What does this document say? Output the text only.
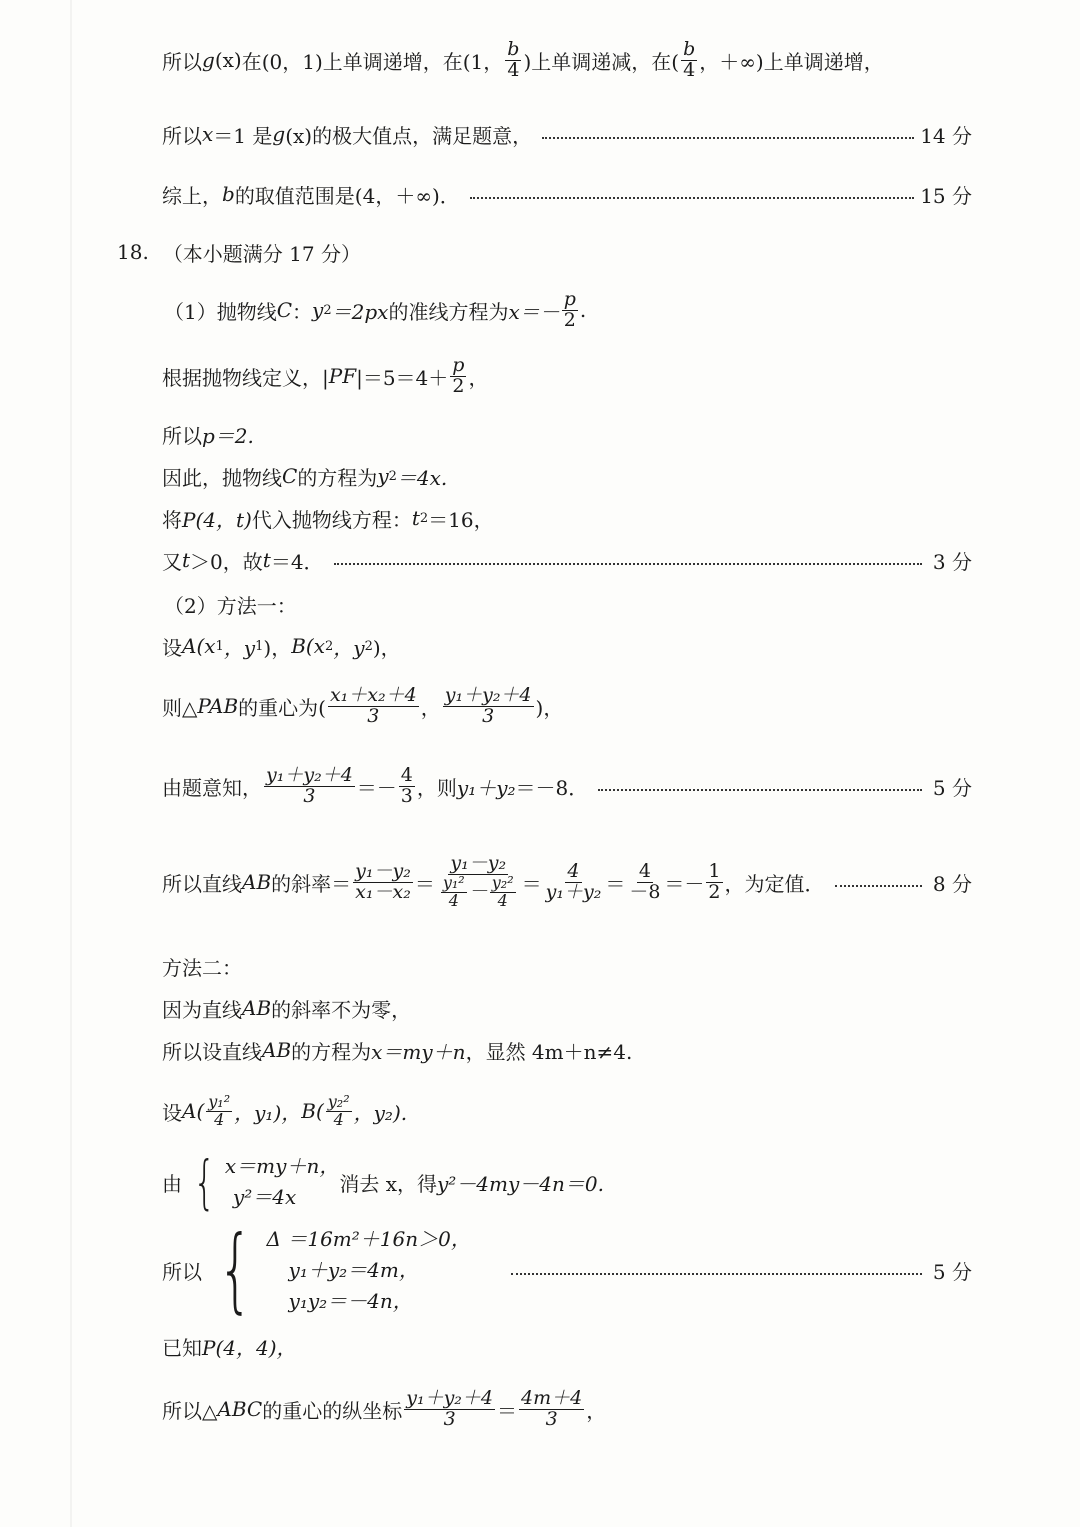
所以 g (x) 在(0，1)上单调递增，在(1， $\frac{b}{4}$ )上单调递减，在( $\frac{b}{4}$ ，＋∞)上单调递增，
所以 x ＝1 是 g (x)的极大值点，满足题意，	14 分
综上， b 的取值范围是(4，＋∞)．	15 分
18. （本小题满分 17 分）
（1）抛物线 C ： y 2 ＝2px 的准线方程为 $x=- \frac{p}{2}$ .
根据抛物线定义，| PF $|=5=4+ \frac{p}{2}$ ，
所以 p＝2.
因此，抛物线 C 的方程为 y 2 ＝4x.
将 P(4，t) 代入抛物线方程： t 2 ＝16，
又 t ＞0，故 t ＝4．	3 分
（2）方法一：
设 A(x 1 ，y 1 )， B(x 2 ，y 2 )，
则△ PAB 的重心为( $\frac{\text{x₁＋x₂＋4}}{3}$ ， $\frac{\text{y₁＋y₂＋4}}{3}$ )，
由题意知， $\frac{\text{y₁＋y₂＋4}}{3} =- \frac{4}{3}$ ，则 y₁＋y₂ ＝－8．	5 分
所以直线 AB 的斜率＝ $\frac{\text{y₁－y₂}}{\text{x₁－x₂}} = \frac{\text{y₁－y₂}}{\frac{\text{y₁²}}{4} - \frac{\text{y₂²}}{4}} = \frac{4}{\text{y₁＋y₂}} = \frac{4}{-8} =- \frac{1}{2}$ ，为定值．	8 分
方法二：
因为直线 AB 的斜率不为零，
所以设直线 AB 的方程为 x＝my＋n ，显然 4m＋n≠4.
设 $A( \frac{\text{y₁²}}{4}$ ，y₁)， $B( \frac{\text{y₂²}}{4}$ ，y₂).
由 { x＝my＋n，
y²＝4x
消去 x，得 y²－4my－4n＝0.
所以 { Δ ＝16m²＋16n＞0，
y₁＋y₂＝4m，
y₁y₂＝－4n，
5 分
已知 P(4，4)，
所以△ ABC 的重心的纵坐标 $\frac{\text{y₁＋y₂＋4}}{3} = \frac{4m+4}{3}$ ，
